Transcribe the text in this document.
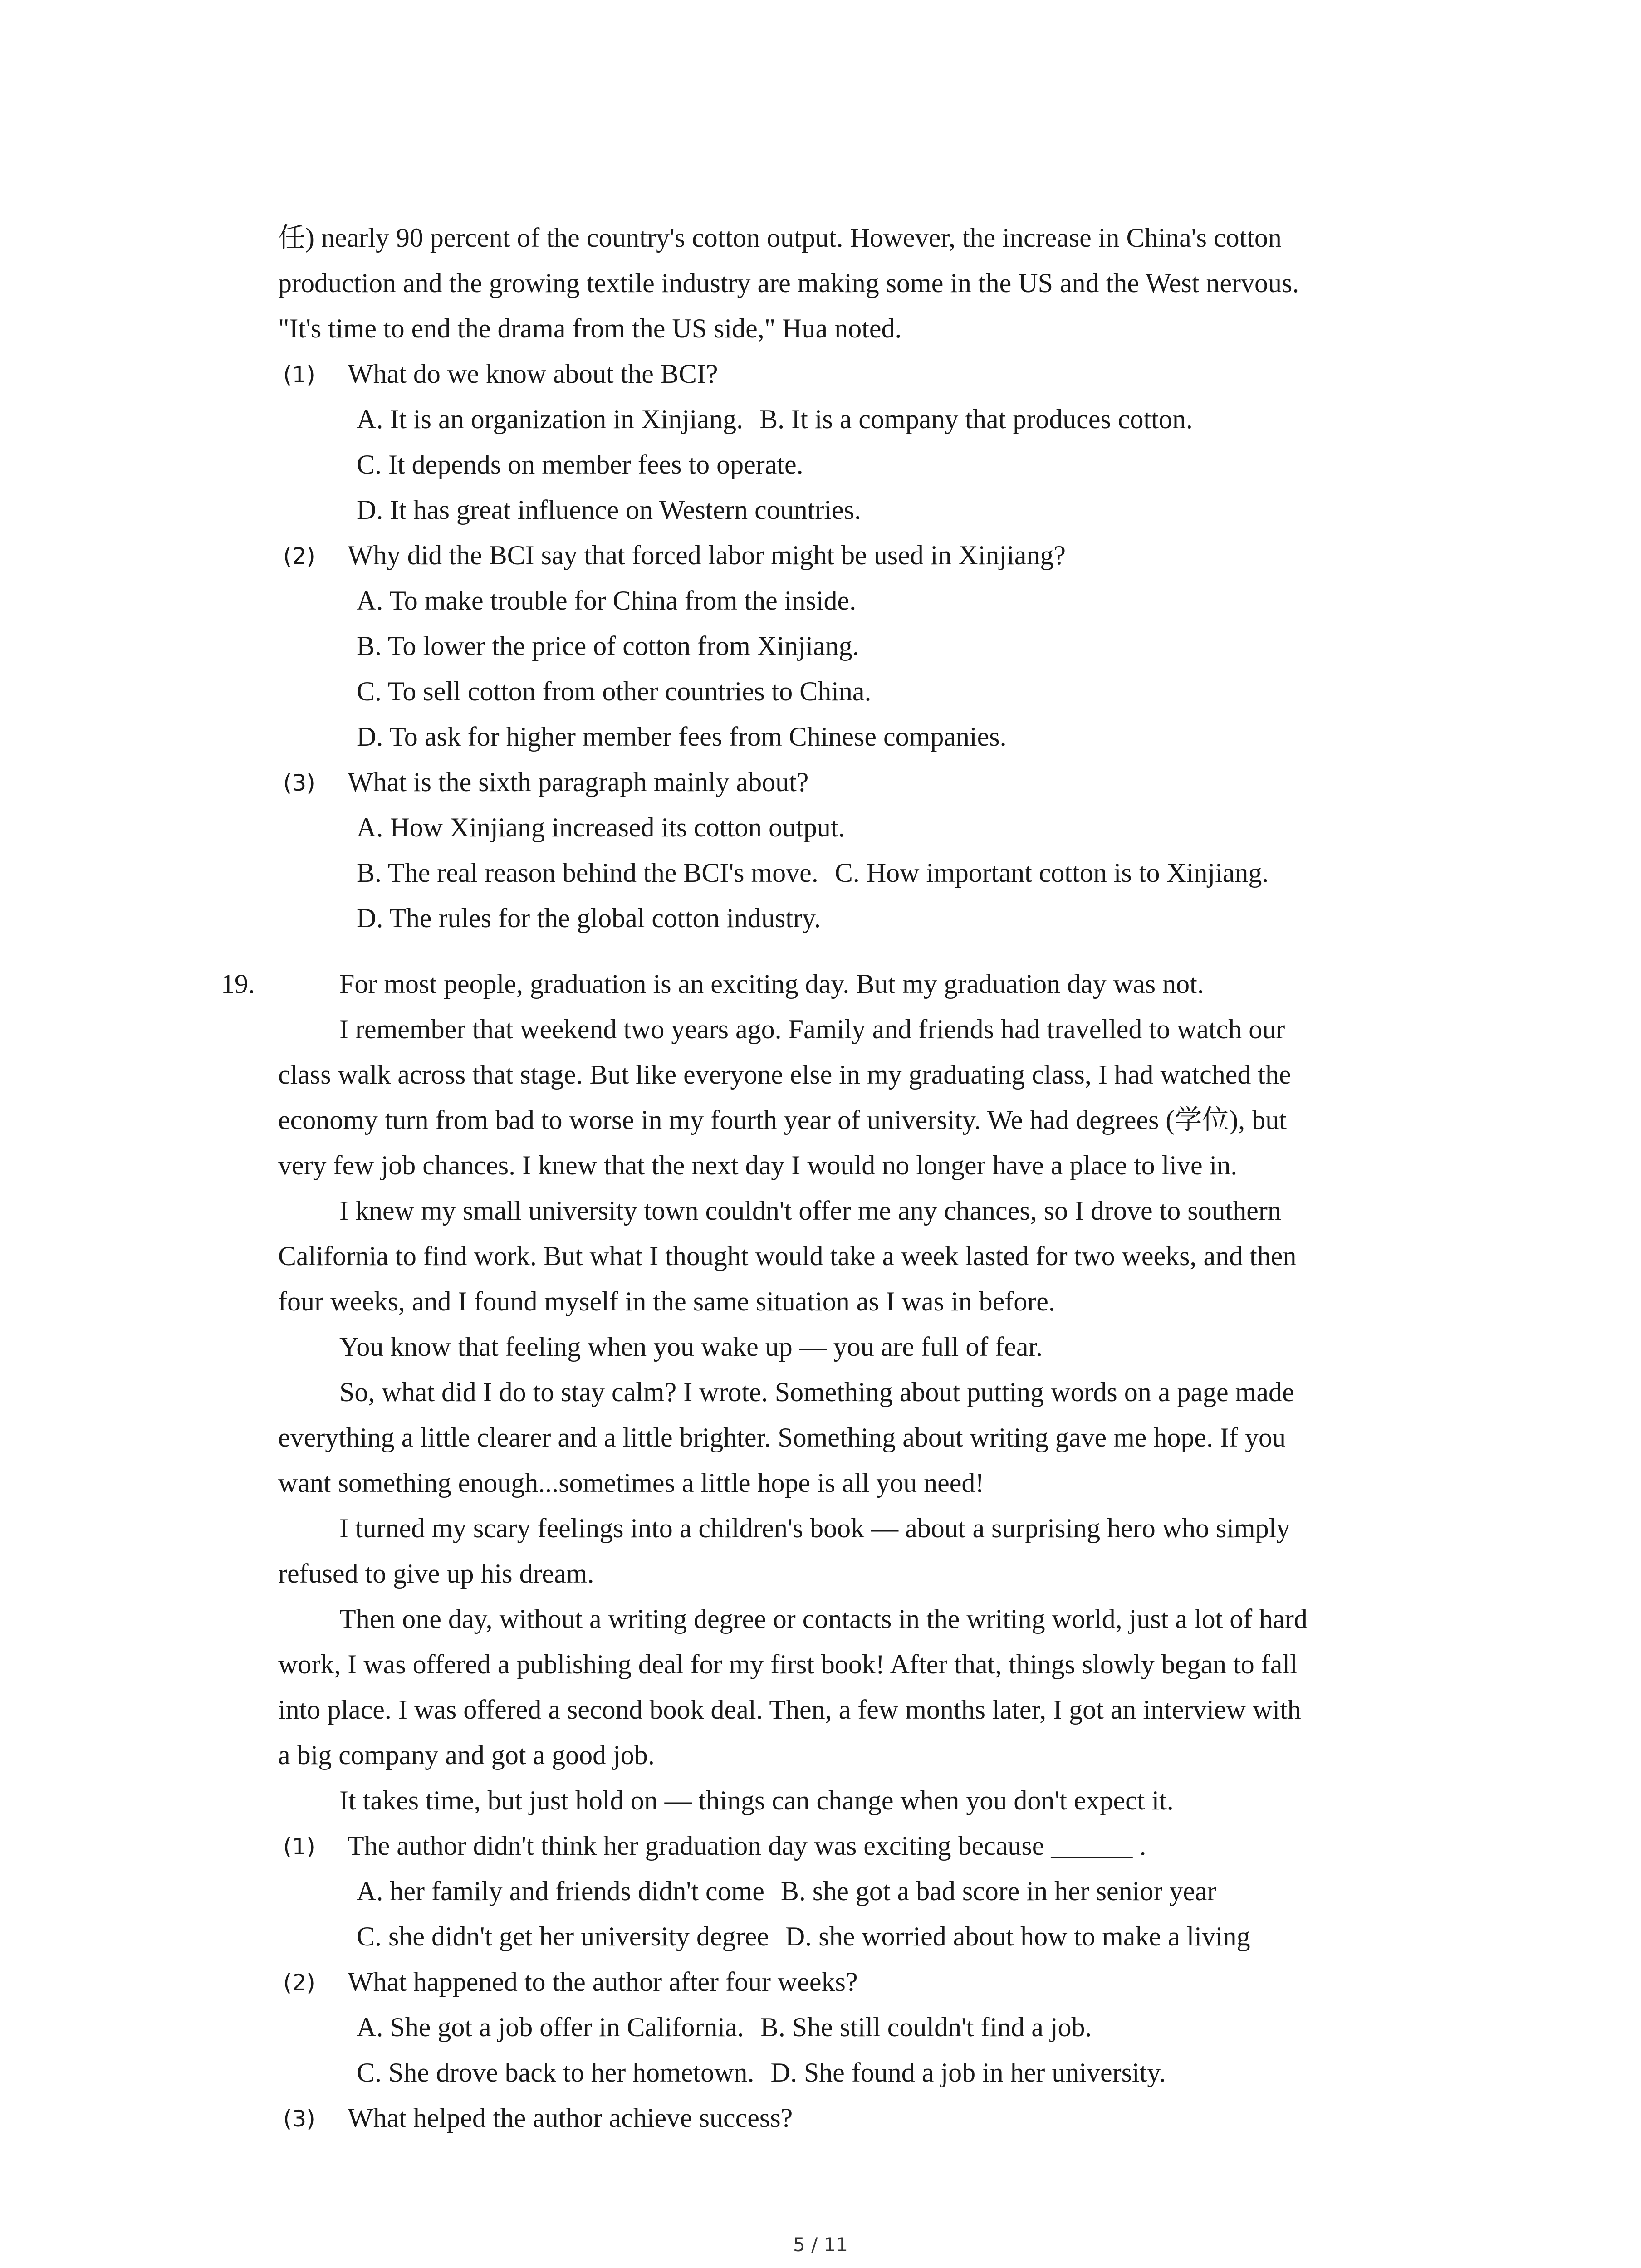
任) nearly 90 percent of the country's cotton output. However, the increase in China's cotton
production and the growing textile industry are making some in the US and the West nervous.
"It's time to end the drama from the US side," Hua noted.
(1) What do we know about the BCI?
A. It is an organization in Xinjiang. B. It is a company that produces cotton.
C. It depends on member fees to operate.
D. It has great influence on Western countries.
(2) Why did the BCI say that forced labor might be used in Xinjiang?
A. To make trouble for China from the inside.
B. To lower the price of cotton from Xinjiang.
C. To sell cotton from other countries to China.
D. To ask for higher member fees from Chinese companies.
(3) What is the sixth paragraph mainly about?
A. How Xinjiang increased its cotton output.
B. The real reason behind the BCI's move. C. How important cotton is to Xinjiang.
D. The rules for the global cotton industry.
19.	For most people, graduation is an exciting day. But my graduation day was not.
I remember that weekend two years ago. Family and friends had travelled to watch our
class walk across that stage. But like everyone else in my graduating class, I had watched the
economy turn from bad to worse in my fourth year of university. We had degrees (学位), but
very few job chances. I knew that the next day I would no longer have a place to live in.
I knew my small university town couldn't offer me any chances, so I drove to southern
California to find work. But what I thought would take a week lasted for two weeks, and then
four weeks, and I found myself in the same situation as I was in before.
You know that feeling when you wake up — you are full of fear.
So, what did I do to stay calm? I wrote. Something about putting words on a page made
everything a little clearer and a little brighter. Something about writing gave me hope. If you
want something enough...sometimes a little hope is all you need!
I turned my scary feelings into a children's book — about a surprising hero who simply
refused to give up his dream.
Then one day, without a writing degree or contacts in the writing world, just a lot of hard
work, I was offered a publishing deal for my first book! After that, things slowly began to fall
into place. I was offered a second book deal. Then, a few months later, I got an interview with
a big company and got a good job.
It takes time, but just hold on — things can change when you don't expect it.
(1) The author didn't think her graduation day was exciting because ______ .
A. her family and friends didn't come B. she got a bad score in her senior year
C. she didn't get her university degree D. she worried about how to make a living
(2) What happened to the author after four weeks?
A. She got a job offer in California. B. She still couldn't find a job.
C. She drove back to her hometown. D. She found a job in her university.
(3) What helped the author achieve success?
5 / 11
